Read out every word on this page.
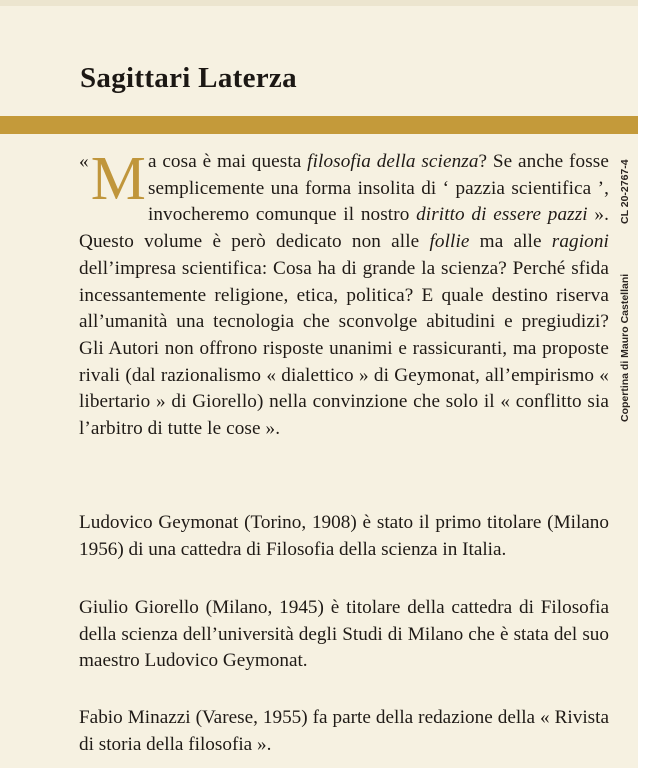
Sagittari Laterza
« M a cosa è mai questa filosofia della scienza? Se anche fosse semplicemente una forma insolita di ‘ pazzia scientifica ’, invocheremo comunque il nostro diritto di essere pazzi ». Questo volume è però dedicato non alle follie ma alle ragioni dell’impresa scientifica: Cosa ha di grande la scienza? Perché sfida incessantemente religione, etica, politica? E quale destino riserva all’umanità una tecnologia che sconvolge abitudini e pregiudizi? Gli Autori non offrono risposte unanimi e rassicuranti, ma proposte rivali (dal razionalismo « dialettico » di Geymonat, all’empirismo « libertario » di Giorello) nella convinzione che solo il « conflitto sia l’arbitro di tutte le cose ».

Ludovico Geymonat (Torino, 1908) è stato il primo titolare (Milano 1956) di una cattedra di Filosofia della scienza in Italia.

Giulio Giorello (Milano, 1945) è titolare della cattedra di Filosofia della scienza dell’università degli Studi di Milano che è stata del suo maestro Ludovico Geymonat.

Fabio Minazzi (Varese, 1955) fa parte della redazione della « Rivista di storia della filosofia ».

CL 20-2767-4
Copertina di Mauro Castellani
